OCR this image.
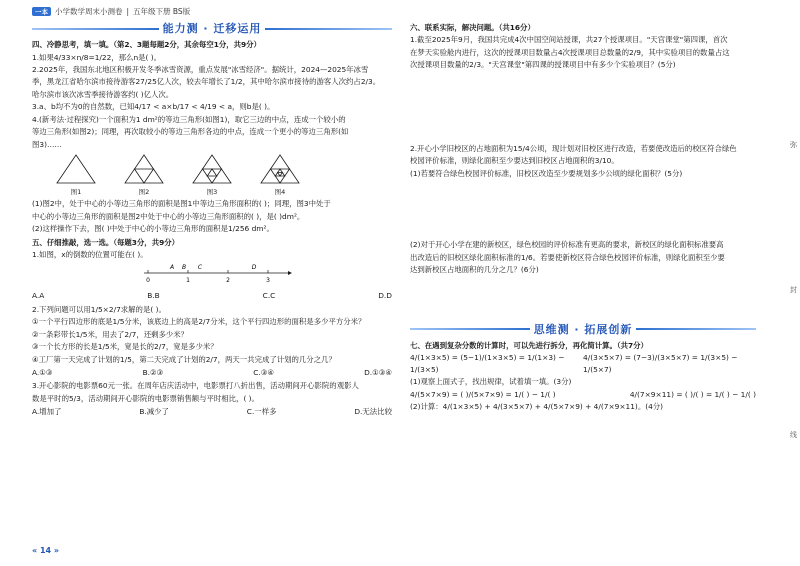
一本 小学数学周末小测卷 | 五年级下册 BS版
能力测 · 迁移运用
四、冷静思考，填一填。（第2、3题每题2分，其余每空1分，共9分）
1.如果4/33×n/8=1/22，那么n是( )。
2.2025年，我国东北地区积极开发冬季冰雪资源，重点发展"冰雪经济"。据统计，2024—2025年冰雪
季，黑龙江省哈尔滨市接待游客27/25亿人次，较去年增长了1/2，其中哈尔滨市接待的游客人次约占2/3。
哈尔滨市该次冰雪季接待游客约( )亿人次。
3.a、b均不为0的自然数，已知4/17 < a×b/17 < 4/19 < a，则b是( )。
4.(新考法·过程探究)一个面积为1 dm²的等边三角形(如图1)，取它三边的中点，连成一个较小的
等边三角形(如图2)；同理，再次取较小的等边三角形各边的中点，连成一个更小的等边三角形(如
图3)……
图1	图2	图3	图4
(1)图2中，处于中心的小等边三角形的面积是图1中等边三角形面积的( )；同理，图3中处于
中心的小等边三角形的面积是图2中处于中心的小等边三角形面积的( )，是( )dm²。
(2)这样操作下去，图( )中处于中心的小等边三角形的面积是1/256 dm²。
五、仔细推敲，选一选。（每题3分，共9分）
1.如图，x的倒数的位置可能在( )。
0	1	2	3
A B C	D
A.A	B.B	C.C	D.D
2.下列问题可以用1/5×2/7求解的是( )。
①一个平行四边形的底是1/5分米，该底边上的高是2/7分米，这个平行四边形的面积是多少平方分米？
②一条彩带长1/5米，用去了2/7，还剩多少米？
③一个长方形的长是1/5米，宽是长的2/7，宽是多少米？
④工厂第一天完成了计划的1/5，第二天完成了计划的2/7，两天一共完成了计划的几分之几？
A.①③	B.②③	C.③④	D.①③④
3.开心影院的电影票60元一张。在周年店庆活动中，电影票打八折出售，活动期间开心影院的观影人
数是平时的5/3，活动期间开心影院的电影票销售额与平时相比，( )。
A.增加了	B.减少了	C.一样多	D.无法比较
六、联系实际，解决问题。（共16分）
1.截至2025年9月，我国共完成4次中国空间站授课，共27个授课项目。"天宫课堂"第四课，首次
在梦天实验舱内进行，这次的授课项目数量占4次授课项目总数量的2/9，其中实验项目的数量占这
次授课项目数量的2/3。"天宫课堂"第四课的授课项目中有多少个实验项目？(5分)
2.开心小学旧校区的占地面积为15/4公顷，现计划对旧校区进行改造，若要使改造后的校区符合绿色
校园评价标准，则绿化面积至少要达到旧校区占地面积的3/10。
(1)若要符合绿色校园评价标准，旧校区改造至少要规划多少公顷的绿化面积？(5分)
(2)对于开心小学在建的新校区，绿色校园的评价标准有更高的要求，新校区的绿化面积标准要高
出改造后的旧校区绿化面积标准的1/6。若要使新校区符合绿色校园评价标准，则绿化面积至少要
达到新校区占地面积的几分之几？(6分)
思维测 · 拓展创新
七、在遇到复杂分数的计算时，可以先进行拆分，再化简计算。（共7分）
4/(1×3×5) = (5−1)/(1×3×5) = 1/(1×3) − 1/(3×5)
4/(3×5×7) = (7−3)/(3×5×7) = 1/(3×5) − 1/(5×7)
(1)观察上面式子，找出规律，试着填一填。(3分)
4/(5×7×9) = ( )/(5×7×9) = 1/( ) − 1/( )	4/(7×9×11) = ( )/( ) = 1/( ) − 1/( )
(2)计算：4/(1×3×5) + 4/(3×5×7) + 4/(5×7×9) + 4/(7×9×11)。(4分)
弥
封
线
« 14 »
